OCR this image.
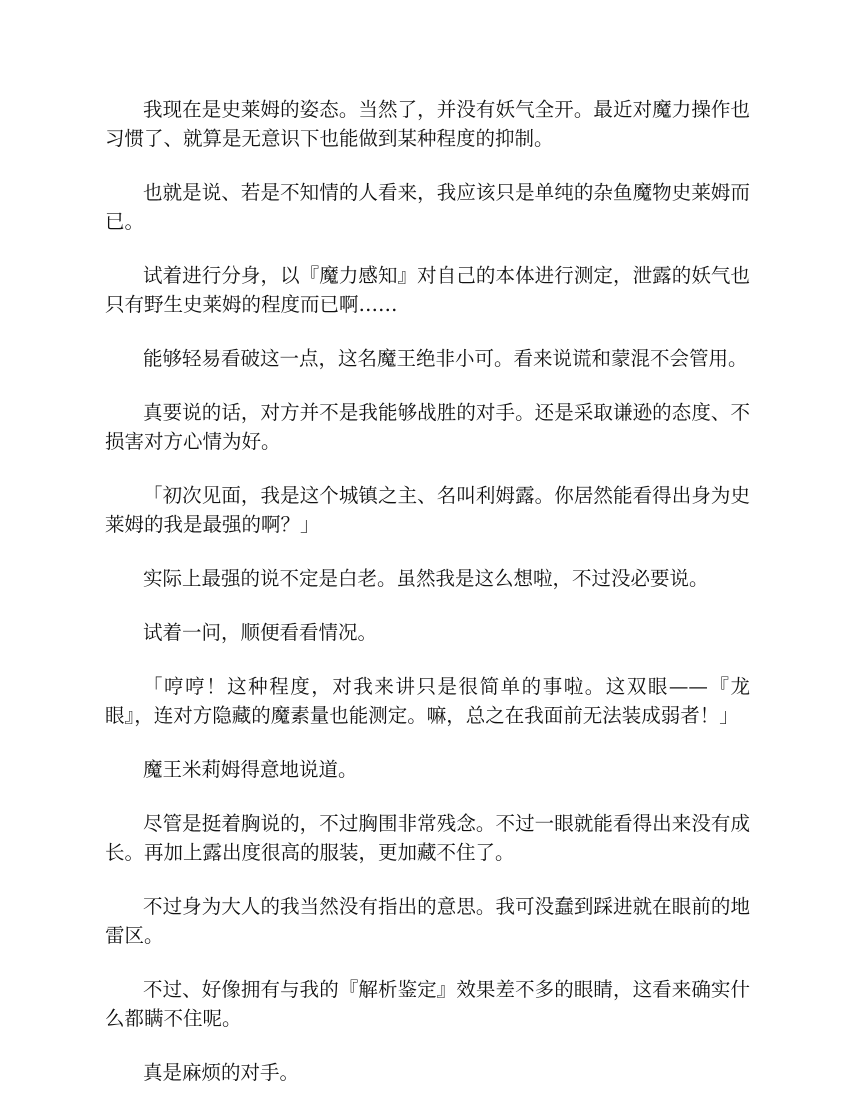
我现在是史莱姆的姿态。当然了，并没有妖气全开。最近对魔力操作也习惯了、就算是无意识下也能做到某种程度的抑制。

也就是说、若是不知情的人看来，我应该只是单纯的杂鱼魔物史莱姆而已。

试着进行分身，以『魔力感知』对自己的本体进行测定，泄露的妖气也只有野生史莱姆的程度而已啊……

能够轻易看破这一点，这名魔王绝非小可。看来说谎和蒙混不会管用。

真要说的话，对方并不是我能够战胜的对手。还是采取谦逊的态度、不损害对方心情为好。

「初次见面，我是这个城镇之主、名叫利姆露。你居然能看得出身为史莱姆的我是最强的啊？」

实际上最强的说不定是白老。虽然我是这么想啦，不过没必要说。

试着一问，顺便看看情况。

「哼哼！这种程度，对我来讲只是很简单的事啦。这双眼——『龙眼』，连对方隐藏的魔素量也能测定。嘛，总之在我面前无法装成弱者！」

魔王米莉姆得意地说道。

尽管是挺着胸说的，不过胸围非常残念。不过一眼就能看得出来没有成长。再加上露出度很高的服装，更加藏不住了。

不过身为大人的我当然没有指出的意思。我可没蠢到踩进就在眼前的地雷区。

不过、好像拥有与我的『解析鉴定』效果差不多的眼睛，这看来确实什么都瞒不住呢。

真是麻烦的对手。
